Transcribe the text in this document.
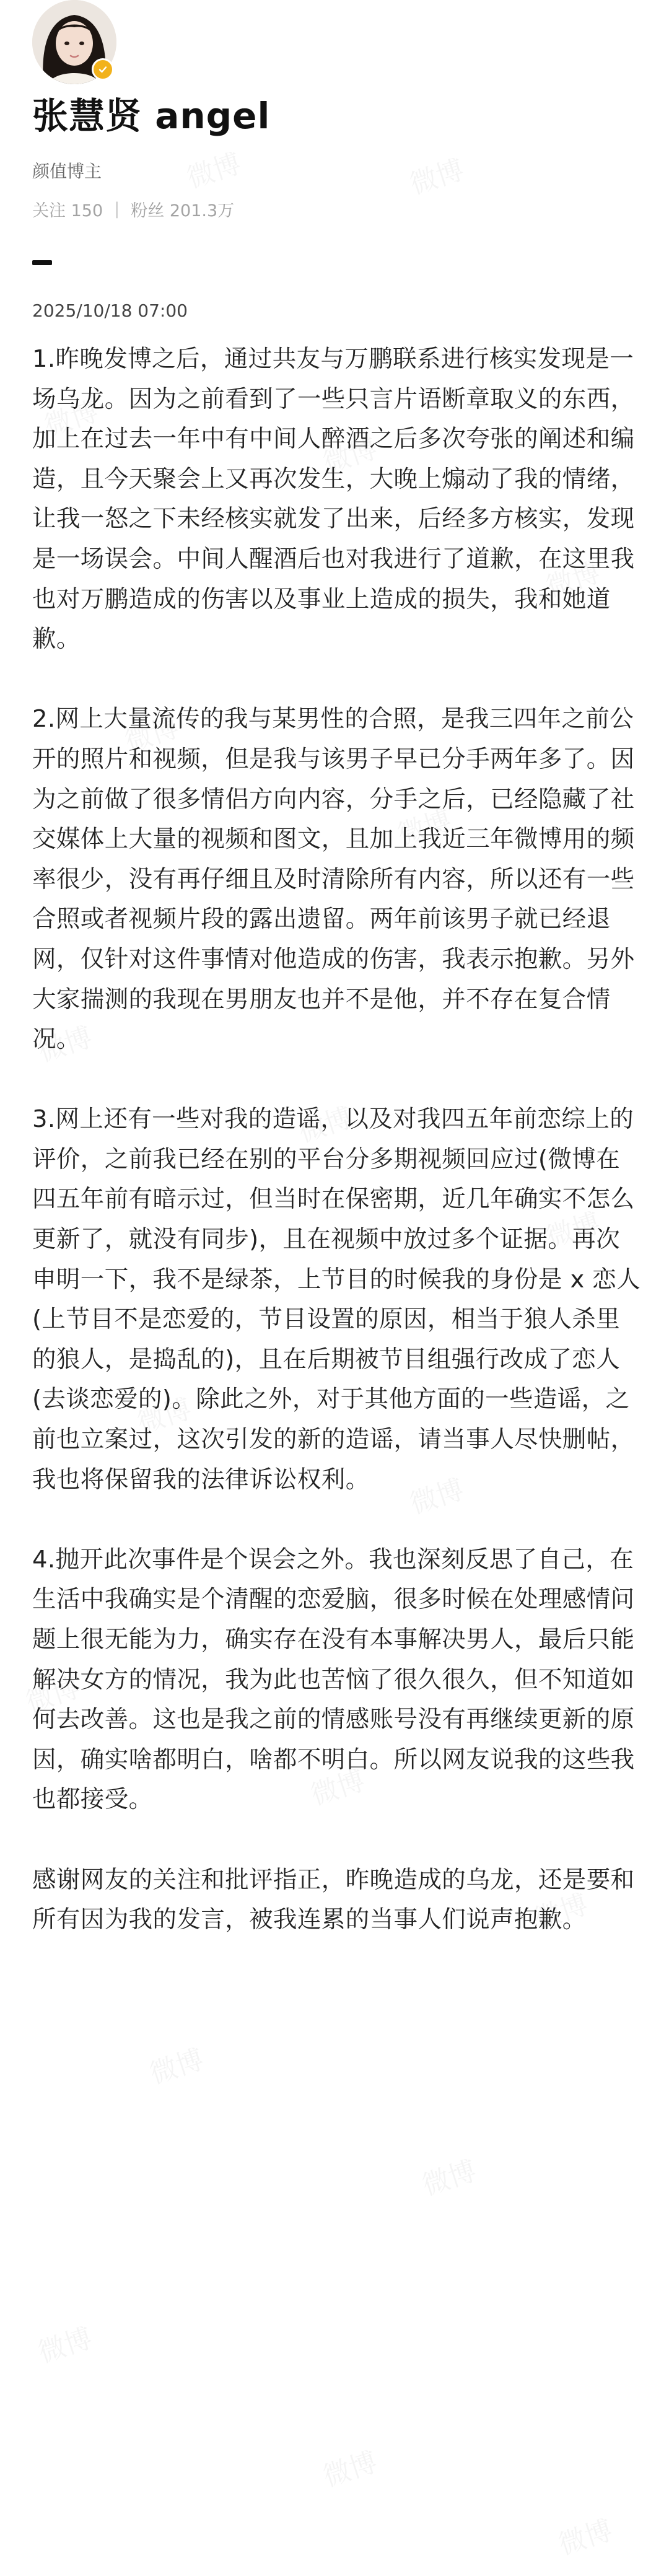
张慧贤 angel
颜值博主
关注 150 | 粉丝 201.3万
2025/10/18 07:00

1.昨晚发博之后，通过共友与万鹏联系进行核实发现是一场乌龙。因为之前看到了一些只言片语断章取义的东西，加上在过去一年中有中间人醉酒之后多次夸张的阐述和编造，且今天聚会上又再次发生，大晚上煽动了我的情绪，让我一怒之下未经核实就发了出来，后经多方核实，发现是一场误会。中间人醒酒后也对我进行了道歉，在这里我也对万鹏造成的伤害以及事业上造成的损失，我和她道歉。

2.网上大量流传的我与某男性的合照，是我三四年之前公开的照片和视频，但是我与该男子早已分手两年多了。因为之前做了很多情侣方向内容，分手之后，已经隐藏了社交媒体上大量的视频和图文，且加上我近三年微博用的频率很少，没有再仔细且及时清除所有内容，所以还有一些合照或者视频片段的露出遗留。两年前该男子就已经退网，仅针对这件事情对他造成的伤害，我表示抱歉。另外大家揣测的我现在男朋友也并不是他，并不存在复合情况。

3.网上还有一些对我的造谣，以及对我四五年前恋综上的评价，之前我已经在别的平台分多期视频回应过(微博在四五年前有暗示过，但当时在保密期，近几年确实不怎么更新了，就没有同步)，且在视频中放过多个证据。再次申明一下，我不是绿茶，上节目的时候我的身份是 x 恋人 (上节目不是恋爱的，节目设置的原因，相当于狼人杀里的狼人，是捣乱的)，且在后期被节目组强行改成了恋人 (去谈恋爱的)。除此之外，对于其他方面的一些造谣，之前也立案过，这次引发的新的造谣，请当事人尽快删帖，我也将保留我的法律诉讼权利。

4.抛开此次事件是个误会之外。我也深刻反思了自己，在生活中我确实是个清醒的恋爱脑，很多时候在处理感情问题上很无能为力，确实存在没有本事解决男人，最后只能解决女方的情况，我为此也苦恼了很久很久，但不知道如何去改善。这也是我之前的情感账号没有再继续更新的原因，确实啥都明白，啥都不明白。所以网友说我的这些我也都接受。

感谢网友的关注和批评指正，昨晚造成的乌龙，还是要和所有因为我的发言，被我连累的当事人们说声抱歉。
